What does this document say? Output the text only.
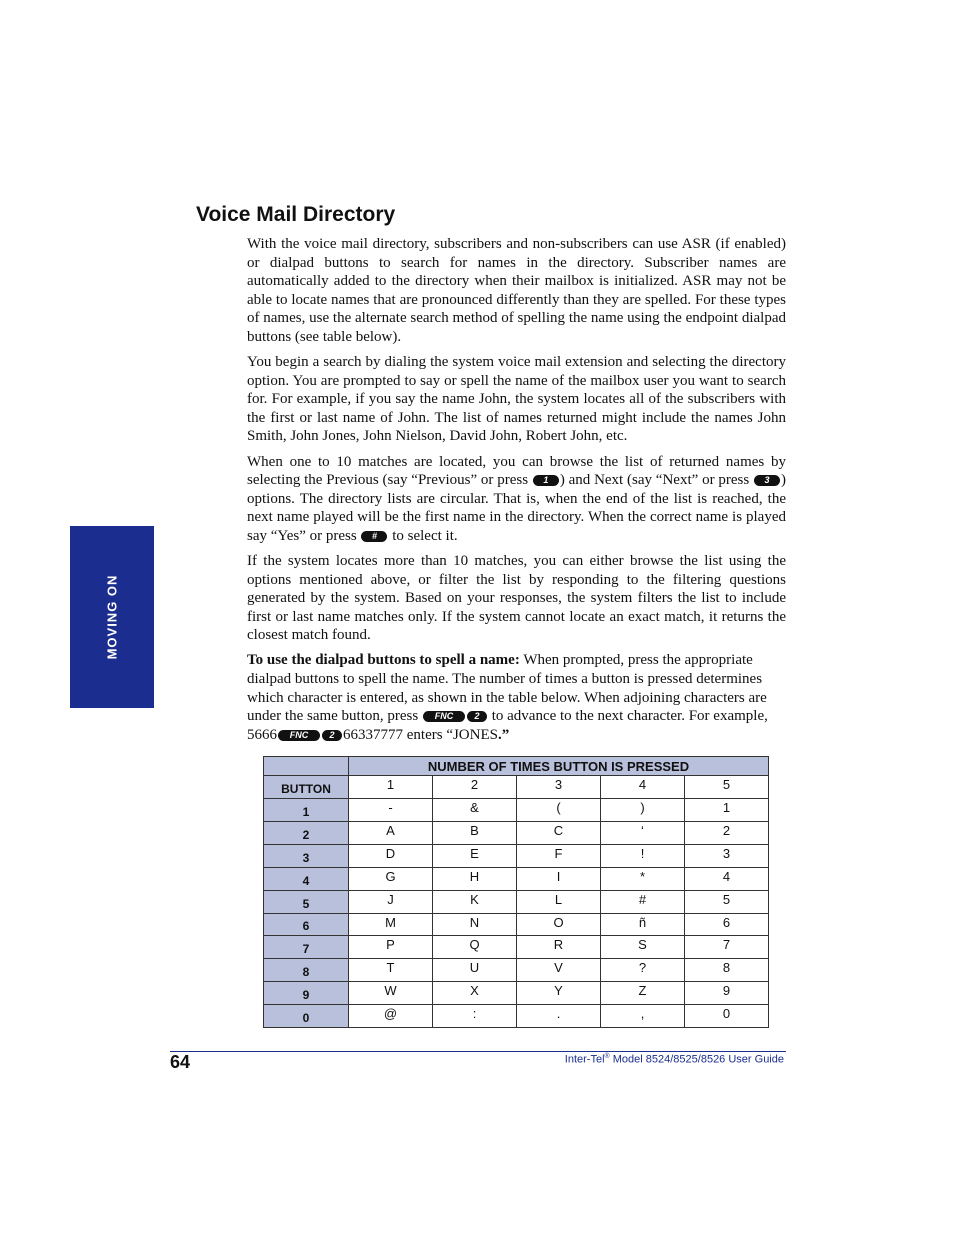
MOVING ON
Voice Mail Directory

With the voice mail directory, subscribers and non-subscribers can use ASR (if enabled) or dialpad buttons to search for names in the directory. Subscriber names are automatically added to the directory when their mailbox is initialized. ASR may not be able to locate names that are pronounced differently than they are spelled. For these types of names, use the alternate search method of spelling the name using the endpoint dialpad buttons (see table below).

You begin a search by dialing the system voice mail extension and selecting the directory option. You are prompted to say or spell the name of the mailbox user you want to search for. For example, if you say the name John, the system locates all of the subscribers with the first or last name of John. The list of names returned might include the names John Smith, John Jones, John Nielson, David John, Robert John, etc.

When one to 10 matches are located, you can browse the list of returned names by selecting the Previous (say “Previous” or press 1 ) and Next (say “Next” or press 3 ) options. The directory lists are circular. That is, when the end of the list is reached, the next name played will be the first name in the directory. When the correct name is played say “Yes” or press # to select it.

If the system locates more than 10 matches, you can either browse the list using the options mentioned above, or filter the list by responding to the filtering questions generated by the system. Based on your responses, the system filters the list to include first or last name matches only. If the system cannot locate an exact match, it returns the closest match found.

To use the dialpad buttons to spell a name: When prompted, press the appropriate dialpad buttons to spell the name. The number of times a button is pressed determines which character is entered, as shown in the table below. When adjoining characters are under the same button, press FNC 2 to advance to the next character. For example, 5666 FNC 2 66337777 enters “JONES.”

	NUMBER OF TIMES BUTTON IS PRESSED				
BUTTON	1	2	3	4	5
1	-	&	(	)	1
2	A	B	C	‘	2
3	D	E	F	!	3
4	G	H	I	*	4
5	J	K	L	#	5
6	M	N	O	ñ	6
7	P	Q	R	S	7
8	T	U	V	?	8
9	W	X	Y	Z	9
0	@	:	.	,	0
64	Inter-Tel® Model 8524/8525/8526 User Guide
